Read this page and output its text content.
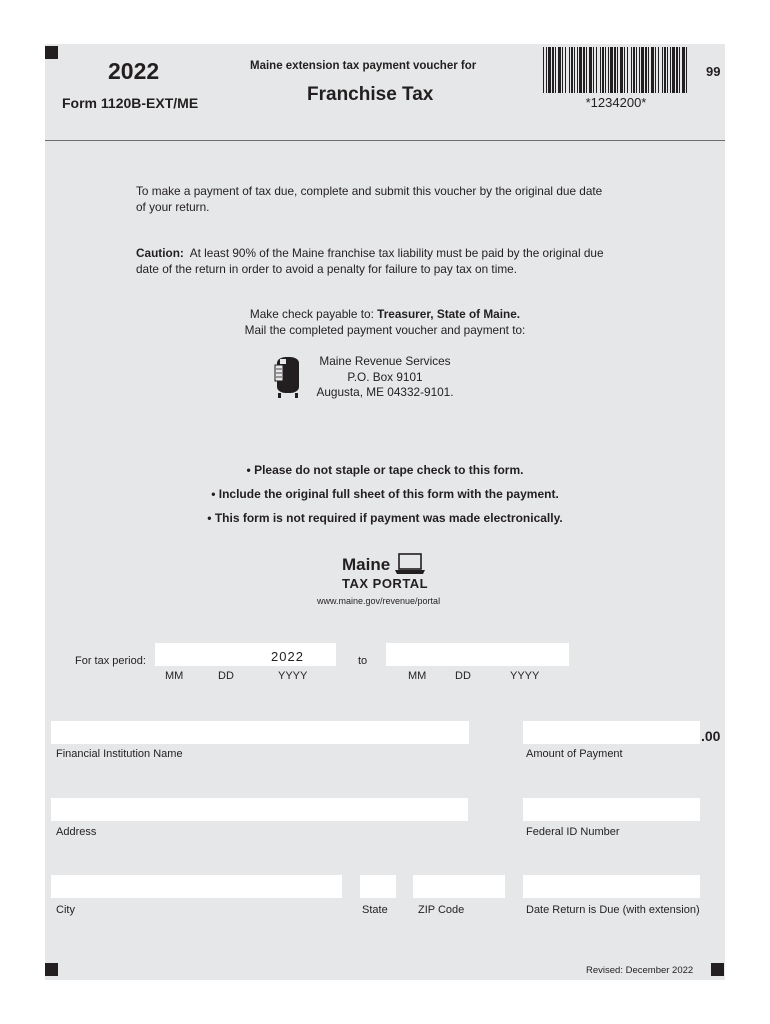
2022
Form 1120B-EXT/ME
Maine extension tax payment voucher for
Franchise Tax	*1234200*
99
To make a payment of tax due, complete and submit this voucher by the original due date
of your return.
Caution: At least 90% of the Maine franchise tax liability must be paid by the original due
date of the return in order to avoid a penalty for failure to pay tax on time.
Make check payable to: Treasurer, State of Maine.
Mail the completed payment voucher and payment to:
Maine Revenue Services
P.O. Box 9101
Augusta, ME 04332-9101.
• Please do not staple or tape check to this form.
• Include the original full sheet of this form with the payment.
• This form is not required if payment was made electronically.
Maine
TAX PORTAL
www.maine.gov/revenue/portal
For tax period:	2022	to
MM	DD	YYYY	MM	DD	YYYY
Financial Institution Name
.00
Amount of Payment
Address	Federal ID Number
City	State	ZIP Code	Date Return is Due (with extension)
Revised: December 2022
